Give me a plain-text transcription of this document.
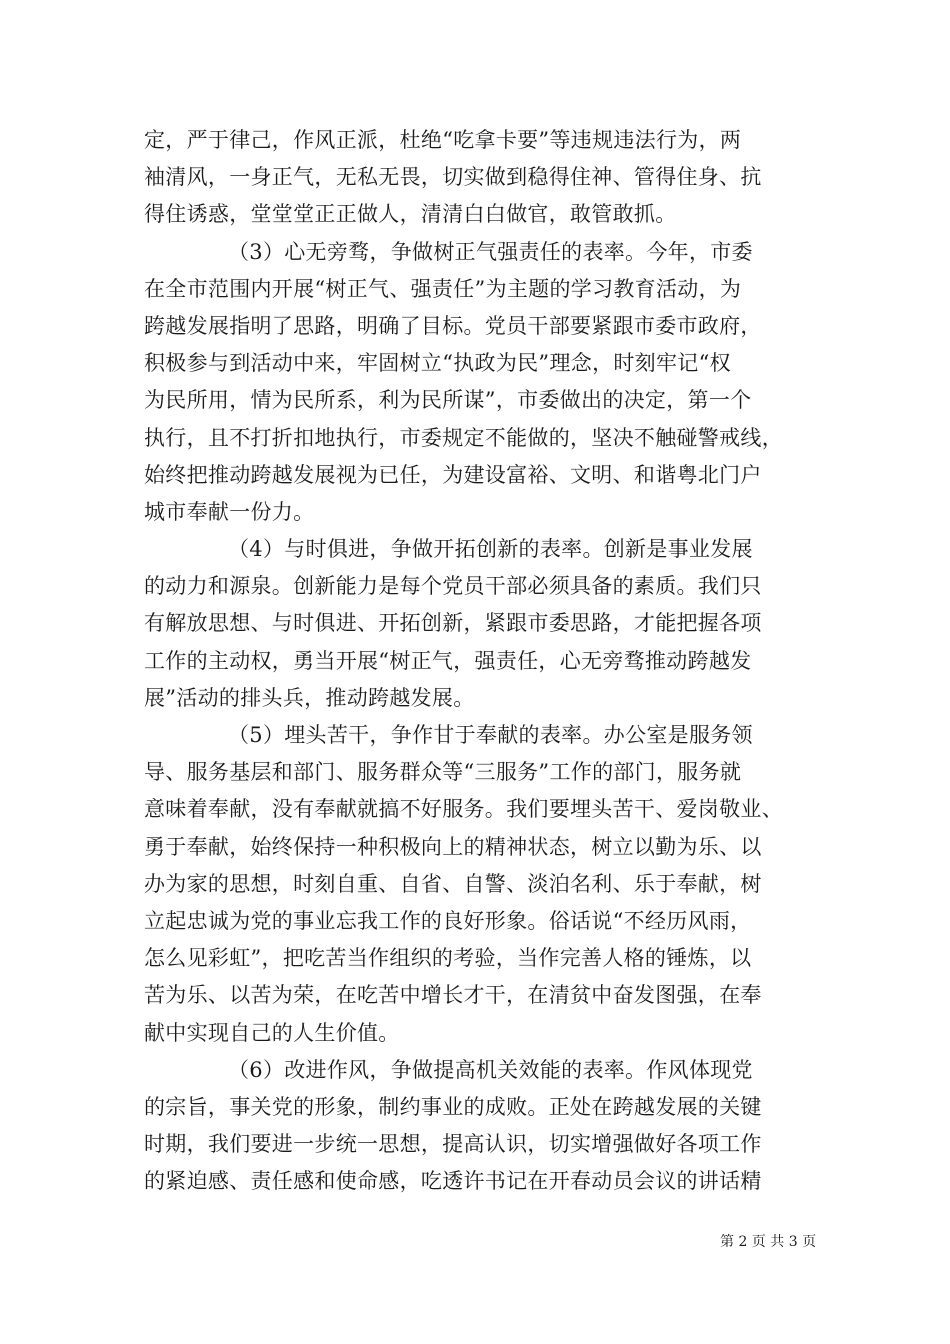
定，严于律己，作风正派，杜绝“吃拿卡要”等违规违法行为，两
袖清风，一身正气，无私无畏，切实做到稳得住神、管得住身、抗
得住诱惑，堂堂堂正正做人，清清白白做官，敢管敢抓。
（3）心无旁骛，争做树正气强责任的表率。今年，市委
在全市范围内开展“树正气、强责任”为主题的学习教育活动，为
跨越发展指明了思路，明确了目标。党员干部要紧跟市委市政府，
积极参与到活动中来，牢固树立“执政为民”理念，时刻牢记“权
为民所用，情为民所系，利为民所谋”，市委做出的决定，第一个
执行，且不打折扣地执行，市委规定不能做的，坚决不触碰警戒线，
始终把推动跨越发展视为已任，为建设富裕、文明、和谐粤北门户
城市奉献一份力。
（4）与时俱进，争做开拓创新的表率。创新是事业发展
的动力和源泉。创新能力是每个党员干部必须具备的素质。我们只
有解放思想、与时俱进、开拓创新，紧跟市委思路，才能把握各项
工作的主动权，勇当开展“树正气，强责任，心无旁骛推动跨越发
展”活动的排头兵，推动跨越发展。
（5）埋头苦干，争作甘于奉献的表率。办公室是服务领
导、服务基层和部门、服务群众等“三服务”工作的部门，服务就
意味着奉献，没有奉献就搞不好服务。我们要埋头苦干、爱岗敬业、
勇于奉献，始终保持一种积极向上的精神状态，树立以勤为乐、以
办为家的思想，时刻自重、自省、自警、淡泊名利、乐于奉献，树
立起忠诚为党的事业忘我工作的良好形象。俗话说“不经历风雨，
怎么见彩虹”，把吃苦当作组织的考验，当作完善人格的锤炼，以
苦为乐、以苦为荣，在吃苦中增长才干，在清贫中奋发图强，在奉
献中实现自己的人生价值。
（6）改进作风，争做提高机关效能的表率。作风体现党
的宗旨，事关党的形象，制约事业的成败。正处在跨越发展的关键
时期，我们要进一步统一思想，提高认识，切实增强做好各项工作
的紧迫感、责任感和使命感，吃透许书记在开春动员会议的讲话精
第 2 页 共 3 页
